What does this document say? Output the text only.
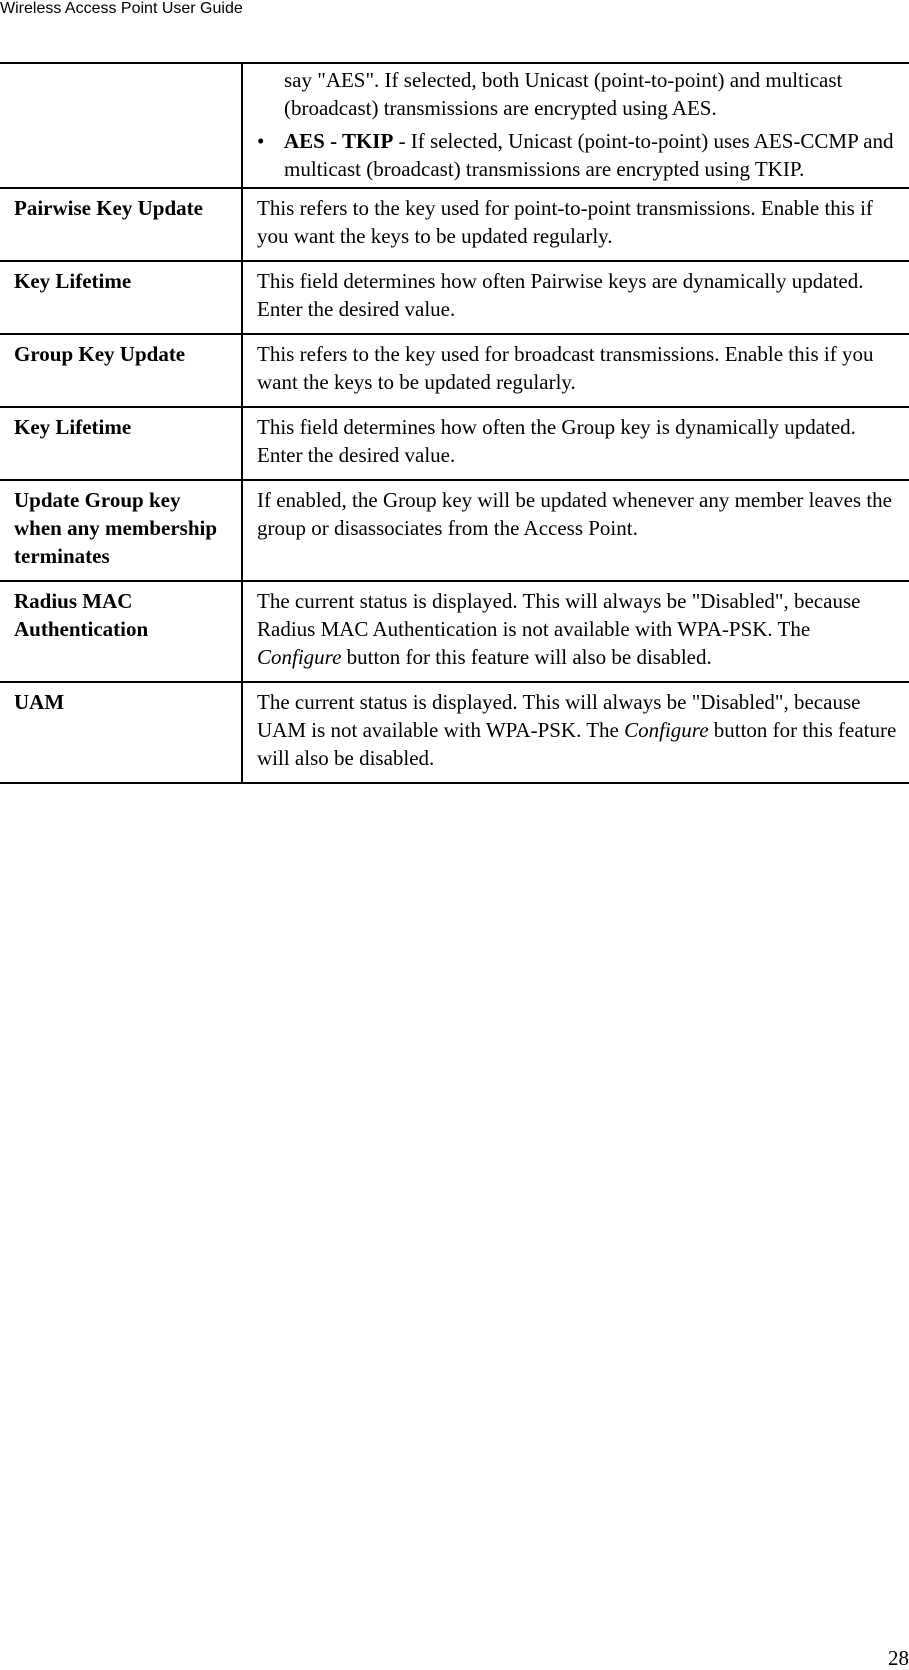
Wireless Access Point User Guide

	say "AES". If selected, both Unicast (point-to-point) and multicast (broadcast) transmissions are encrypted using AES.
• AES - TKIP - If selected, Unicast (point-to-point) uses AES-CCMP and multicast (broadcast) transmissions are encrypted using TKIP.

Pairwise Key Update	This refers to the key used for point-to-point transmissions. Enable this if you want the keys to be updated regularly.
Key Lifetime	This field determines how often Pairwise keys are dynamically updated. Enter the desired value.
Group Key Update	This refers to the key used for broadcast transmissions. Enable this if you want the keys to be updated regularly.
Key Lifetime	This field determines how often the Group key is dynamically updated. Enter the desired value.
Update Group key when any membership terminates	If enabled, the Group key will be updated whenever any member leaves the group or disassociates from the Access Point.
Radius MAC Authentication	The current status is displayed. This will always be "Disabled", because Radius MAC Authentication is not available with WPA-PSK. The Configure button for this feature will also be disabled.
UAM	The current status is displayed. This will always be "Disabled", because UAM is not available with WPA-PSK. The Configure button for this feature will also be disabled.
28
